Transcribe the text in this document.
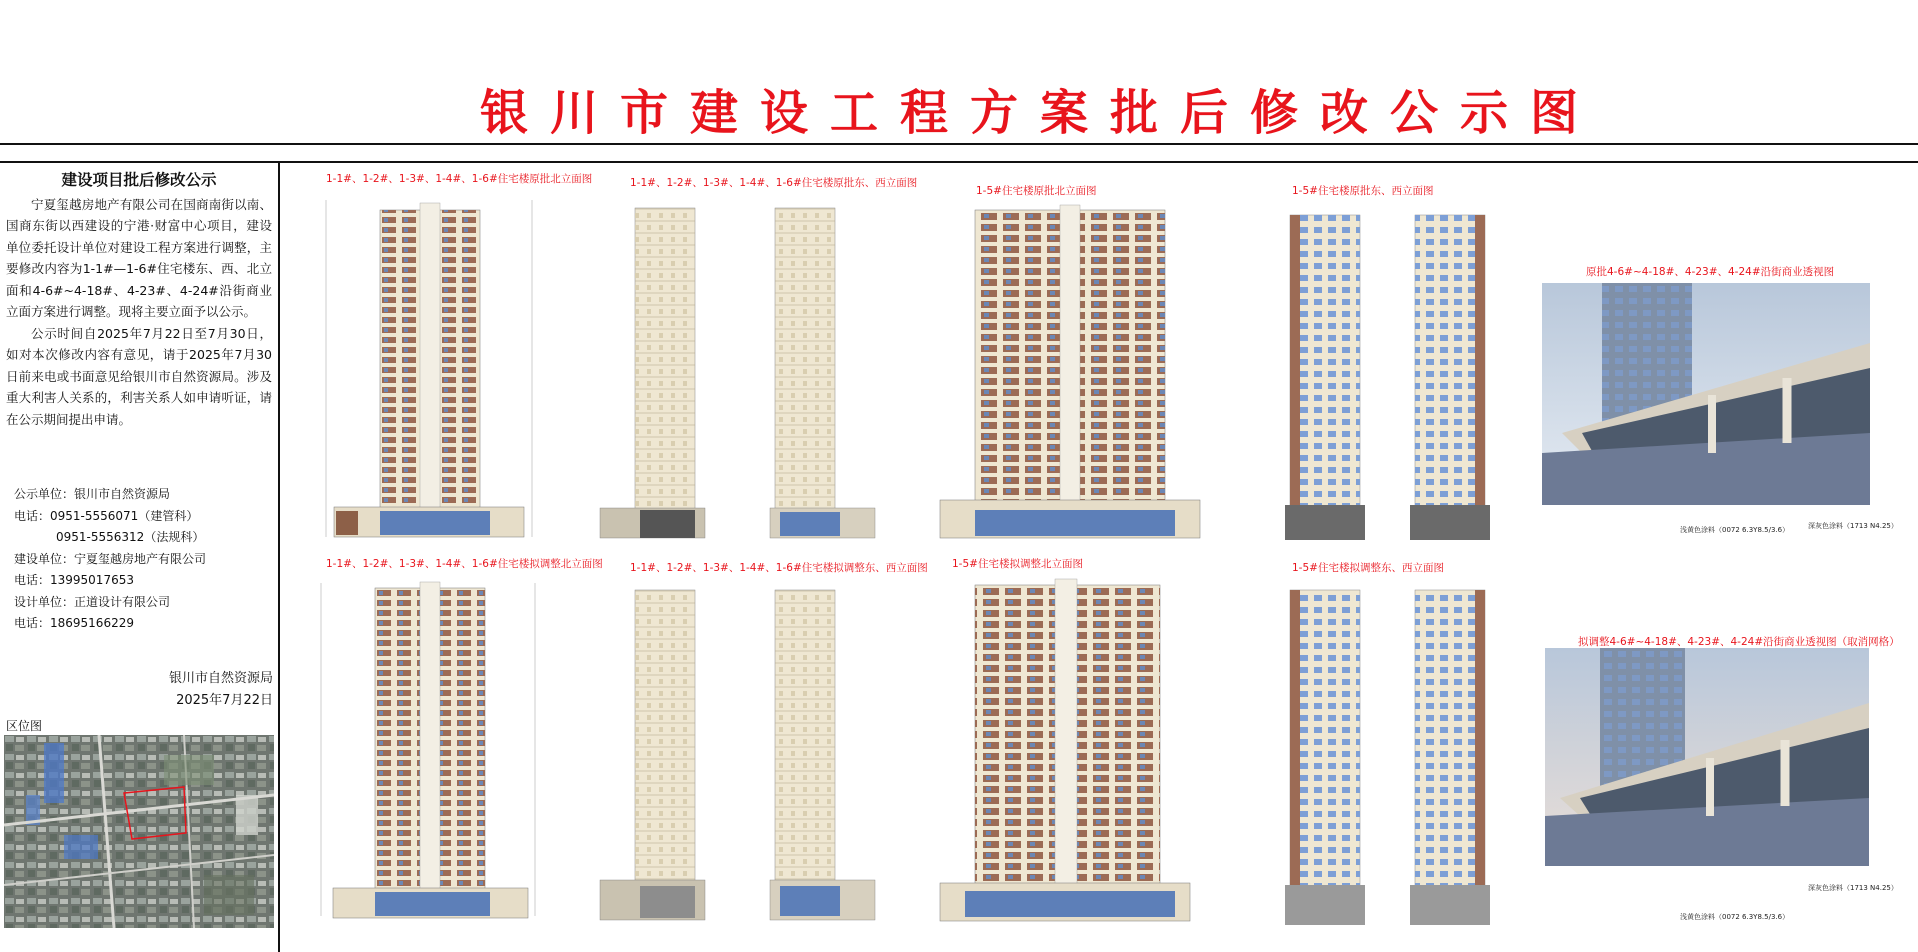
银川市建设工程方案批后修改公示图
建设项目批后修改公示

宁夏玺越房地产有限公司在国商南街以南、国商东街以西建设的宁港·财富中心项目，建设单位委托设计单位对建设工程方案进行调整，主要修改内容为1-1#—1-6#住宅楼东、西、北立面和4-6#~4-18#、4-23#、4-24#沿街商业立面方案进行调整。现将主要立面予以公示。

公示时间自2025年7月22日至7月30日，如对本次修改内容有意见，请于2025年7月30日前来电或书面意见给银川市自然资源局。涉及重大利害人关系的，利害关系人如申请听证，请在公示期间提出申请。

公示单位：银川市自然资源局
电话：0951-5556071（建管科）
0951-5556312（法规科）
建设单位：宁夏玺越房地产有限公司
电话：13995017653
设计单位：正道设计有限公司
电话：18695166229
银川市自然资源局
2025年7月22日
区位图
1-1#、1-2#、1-3#、1-4#、1-6#住宅楼原批北立面图	1-1#、1-2#、1-3#、1-4#、1-6#住宅楼原批东、西立面图
1-5#住宅楼原批北立面图	1-5#住宅楼原批东、西立面图
原批4-6#~4-18#、4-23#、4-24#沿街商业透视图
1-1#、1-2#、1-3#、1-4#、1-6#住宅楼拟调整北立面图	1-1#、1-2#、1-3#、1-4#、1-6#住宅楼拟调整东、西立面图 1-5#住宅楼拟调整北立面图	1-5#住宅楼拟调整东、西立面图
拟调整4-6#~4-18#、4-23#、4-24#沿街商业透视图（取消网格）
浅黄色涂料（0072 6.3Y8.5/3.6）	深灰色涂料（1713 N4.25）
深灰色涂料（1713 N4.25）
浅黄色涂料（0072 6.3Y8.5/3.6）
